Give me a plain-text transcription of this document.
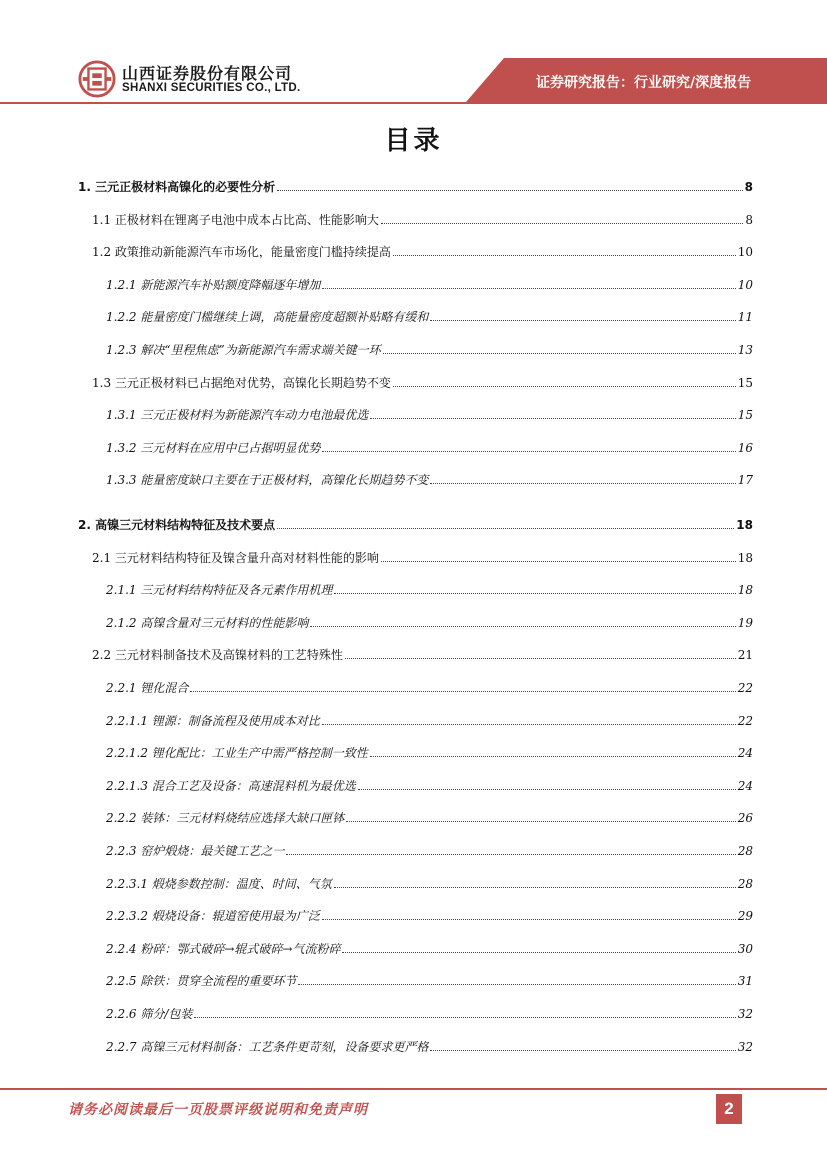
山西证券股份有限公司
SHANXI SECURITIES CO., LTD.	证券研究报告：行业研究/深度报告
目录
1. 三元正极材料高镍化的必要性分析	8
1.1 正极材料在锂离子电池中成本占比高、性能影响大	8
1.2 政策推动新能源汽车市场化，能量密度门槛持续提高	10
1.2.1 新能源汽车补贴额度降幅逐年增加	10
1.2.2 能量密度门槛继续上调，高能量密度超额补贴略有缓和	11
1.2.3 解决“里程焦虑”为新能源汽车需求端关键一环	13
1.3 三元正极材料已占据绝对优势，高镍化长期趋势不变	15
1.3.1 三元正极材料为新能源汽车动力电池最优选	15
1.3.2 三元材料在应用中已占据明显优势	16
1.3.3 能量密度缺口主要在于正极材料，高镍化长期趋势不变	17
2. 高镍三元材料结构特征及技术要点	18
2.1 三元材料结构特征及镍含量升高对材料性能的影响	18
2.1.1 三元材料结构特征及各元素作用机理	18
2.1.2 高镍含量对三元材料的性能影响	19
2.2 三元材料制备技术及高镍材料的工艺特殊性	21
2.2.1 锂化混合	22
2.2.1.1 锂源：制备流程及使用成本对比	22
2.2.1.2 锂化配比：工业生产中需严格控制一致性	24
2.2.1.3 混合工艺及设备：高速混料机为最优选	24
2.2.2 装钵：三元材料烧结应选择大缺口匣钵	26
2.2.3 窑炉煅烧：最关键工艺之一	28
2.2.3.1 煅烧参数控制：温度、时间、气氛	28
2.2.3.2 煅烧设备：辊道窑使用最为广泛	29
2.2.4 粉碎：鄂式破碎→辊式破碎→气流粉碎	30
2.2.5 除铁：贯穿全流程的重要环节	31
2.2.6 筛分/包装	32
2.2.7 高镍三元材料制备：工艺条件更苛刻，设备要求更严格	32
请务必阅读最后一页股票评级说明和免责声明	2
